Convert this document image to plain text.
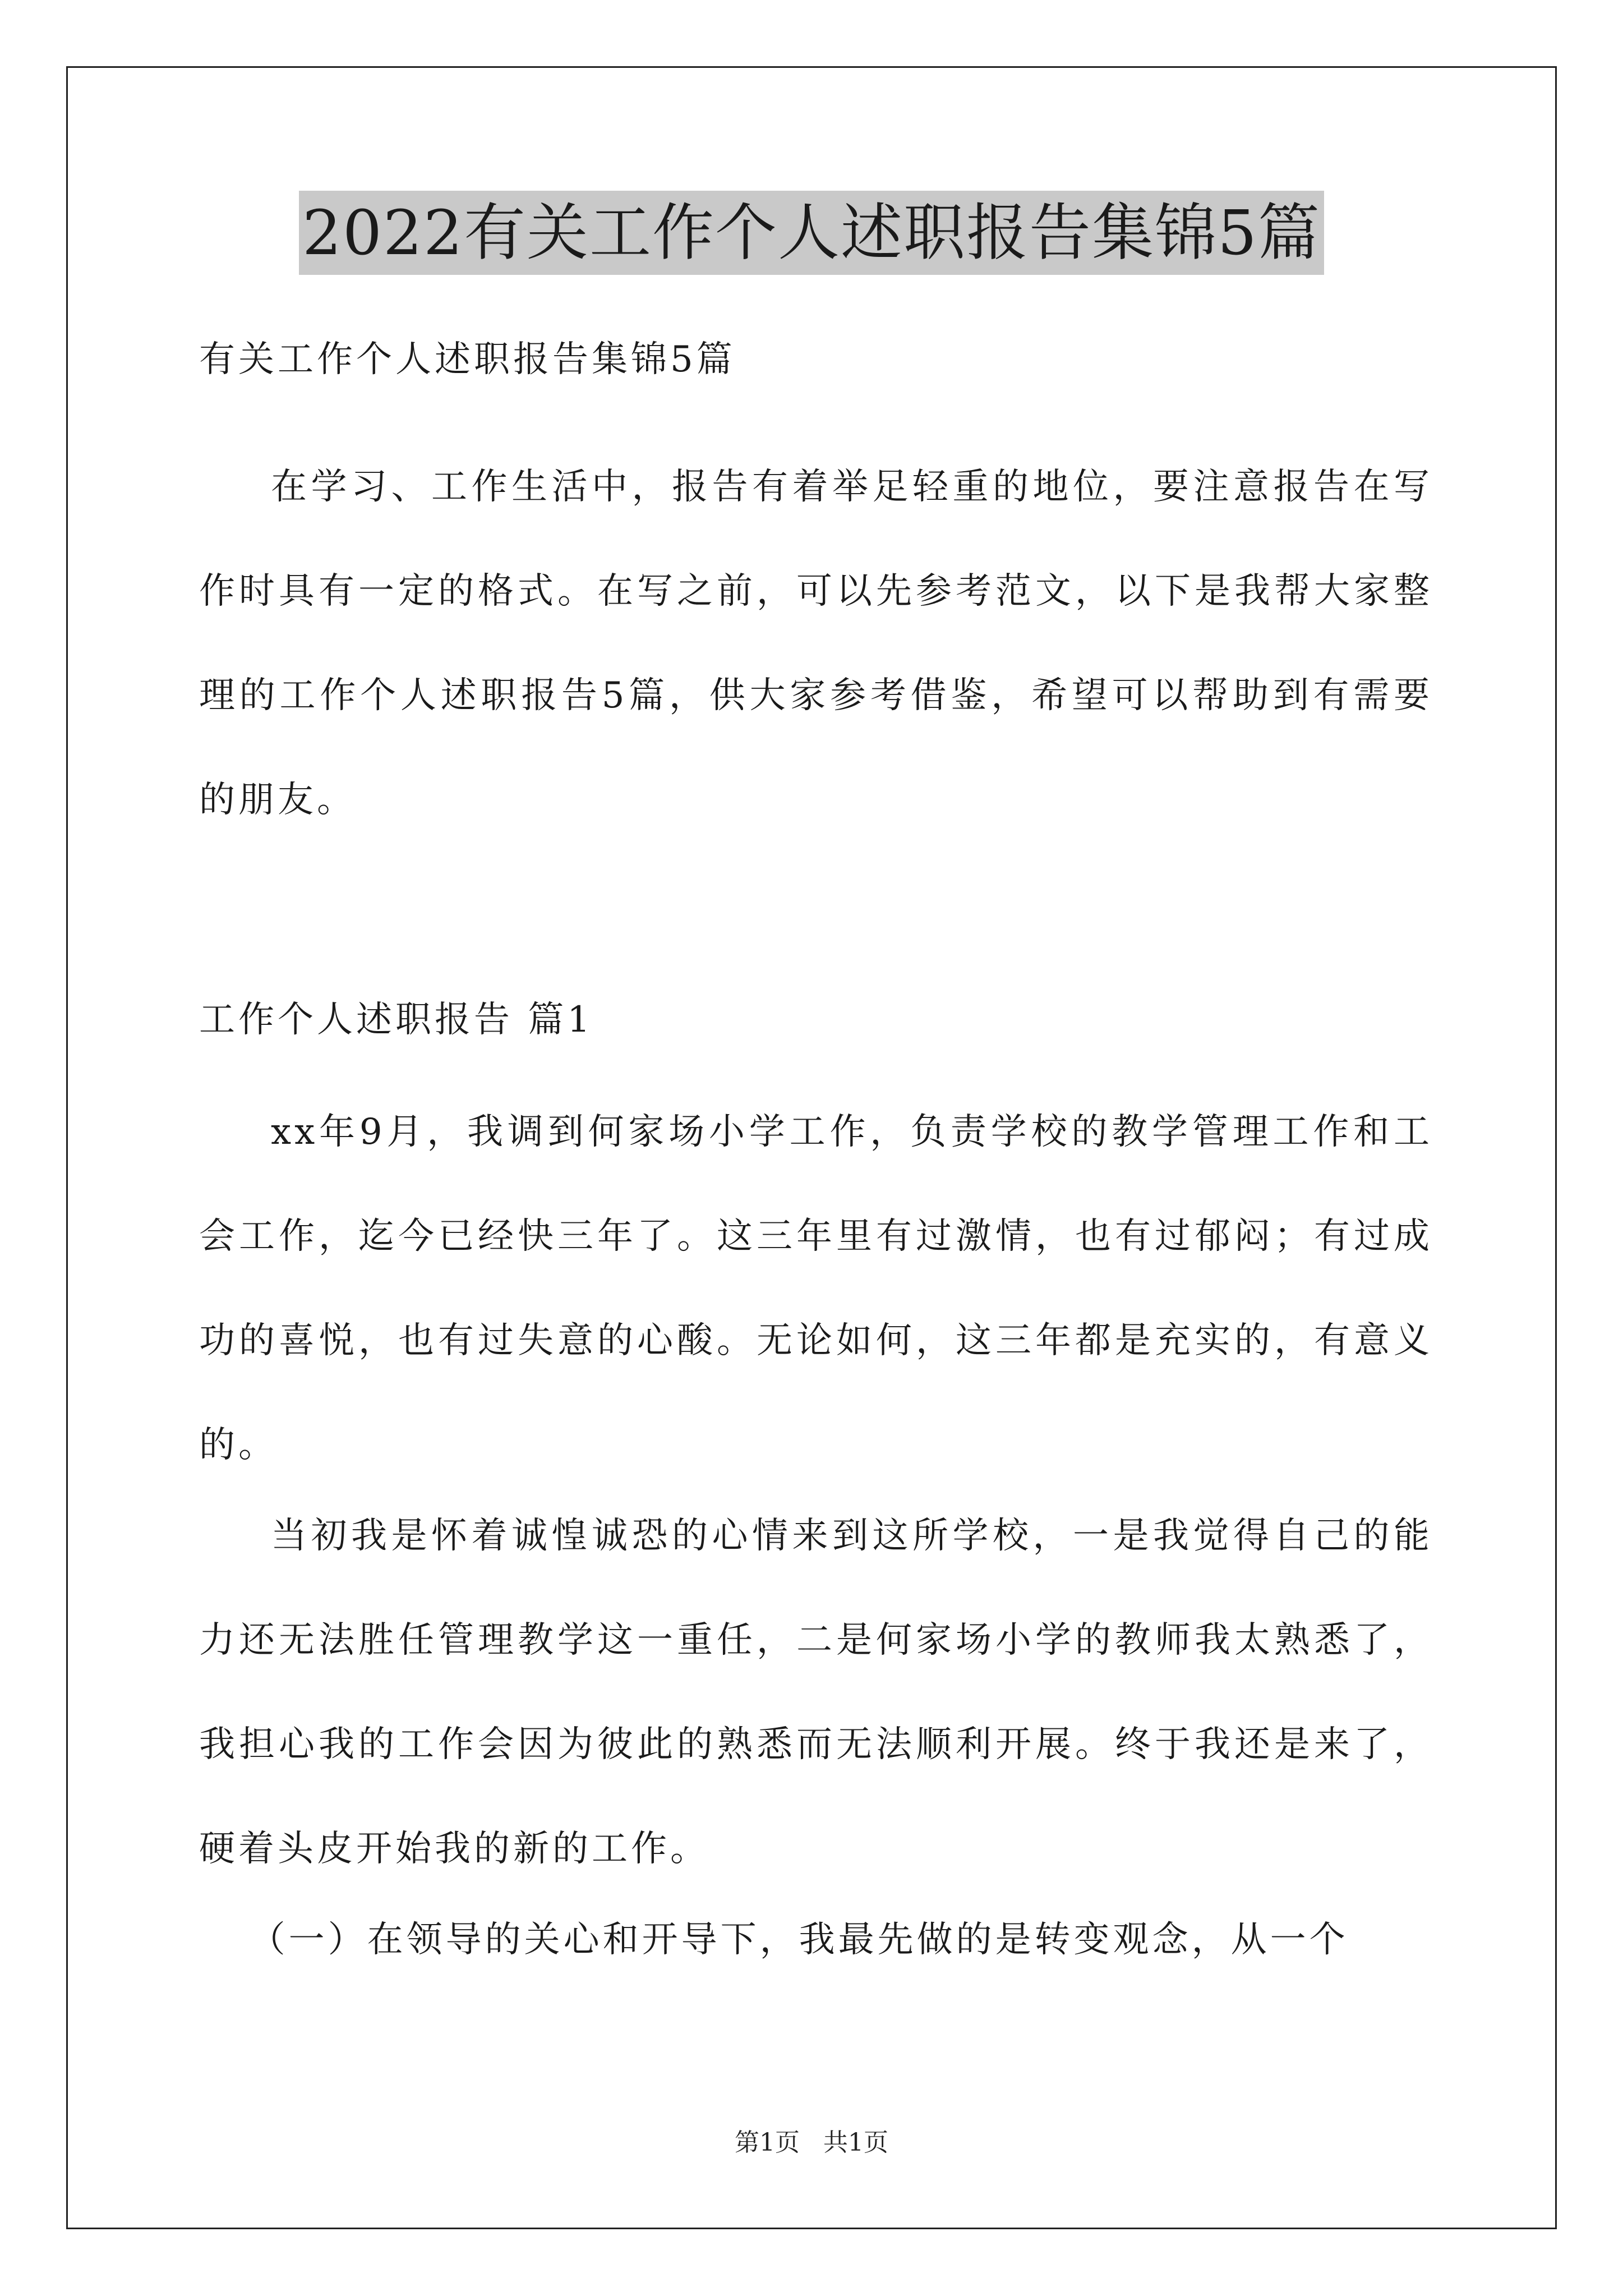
2022有关工作个人述职报告集锦5篇

有关工作个人述职报告集锦5篇

在学习、工作生活中，报告有着举足轻重的地位，要注意报告在写作时具有一定的格式。在写之前，可以先参考范文，以下是我帮大家整理的工作个人述职报告5篇，供大家参考借鉴，希望可以帮助到有需要的朋友。

工作个人述职报告 篇1

xx年9月，我调到何家场小学工作，负责学校的教学管理工作和工会工作，迄今已经快三年了。这三年里有过激情，也有过郁闷；有过成功的喜悦，也有过失意的心酸。无论如何，这三年都是充实的，有意义的。

当初我是怀着诚惶诚恐的心情来到这所学校，一是我觉得自己的能力还无法胜任管理教学这一重任，二是何家场小学的教师我太熟悉了，我担心我的工作会因为彼此的熟悉而无法顺利开展。终于我还是来了，硬着头皮开始我的新的工作。

（一）在领导的关心和开导下，我最先做的是转变观念，从一个

第1页 共1页
